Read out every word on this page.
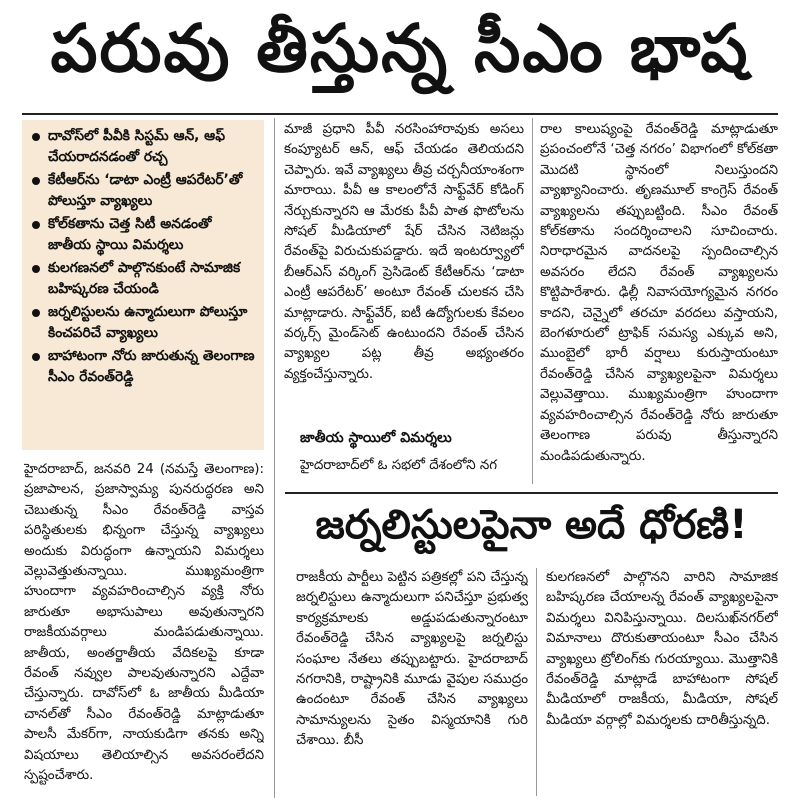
పరువు తీస్తున్న సీఎం భాష
దావోస్‌లో పీవీకి సిస్టమ్ ఆన్, ఆఫ్ చేయరాదనడంతో రచ్చ
కేటీఆర్‌ను ‘డాటా ఎంట్రీ ఆపరేటర్’తో పోలుస్తూ వ్యాఖ్యలు
కోల్‌కతాను చెత్త సిటీ అనడంతో జాతీయ స్థాయి విమర్శలు
కులగణనలో పాల్గొనకుంటే సామాజిక బహిష్కరణ చేయండి
జర్నలిస్టులను ఉన్మాదులుగా పోలుస్తూ కించపరిచే వ్యాఖ్యలు
బాహాటంగా నోరు జారుతున్న తెలంగాణ సీఎం రేవంత్‌రెడ్డి

హైదరాబాద్, జనవరి 24 (నమస్తే తెలంగాణ): ప్రజాపాలన, ప్రజాస్వామ్య పునరుద్ధరణ అని చెబుతున్న సీఎం రేవంత్‌రెడ్డి వాస్తవ పరిస్థితులకు భిన్నంగా చేస్తున్న వ్యాఖ్యలు అందుకు విరుద్ధంగా ఉన్నాయని విమర్శలు వెల్లువెత్తుతున్నాయి. ముఖ్యమంత్రిగా హుందాగా వ్యవహరించాల్సిన వ్యక్తి నోరు జారుతూ అభాసుపాలు అవుతున్నారని రాజకీయవర్గాలు మండిపడుతున్నాయి. జాతీయ, అంతర్జాతీయ వేదికలపై కూడా రేవంత్ నవ్వుల పాలవుతున్నారని ఎద్దేవా చేస్తున్నారు. దావోస్‌లో ఓ జాతీయ మీడియా చానల్‌తో సీఎం రేవంత్‌రెడ్డి మాట్లాడుతూ పాలసీ మేకర్‌గా, నాయకుడిగా తనకు అన్ని విషయాలు తెలియాల్సిన అవసరంలేదని స్పష్టంచేశారు.

మాజీ ప్రధాని పీవీ నరసింహారావుకు అసలు కంప్యూటర్ ఆన్, ఆఫ్ చేయడం తెలియదని చెప్పారు. ఇవే వ్యాఖ్యలు తీవ్ర చర్చనీయాంశంగా మారాయి. పీవీ ఆ కాలంలోనే సాఫ్ట్‌వేర్ కోడింగ్ నేర్చుకున్నారని ఆ మేరకు పీవీ పాత ఫొటోలను సోషల్ మీడియాలో షేర్ చేసిన నెటిజన్లు రేవంత్‌పై విరుచుకుపడ్డారు. ఇదే ఇంటర్వ్యూలో బీఆర్‌ఎస్ వర్కింగ్ ప్రెసిడెంట్ కేటీఆర్‌ను ‘డాటా ఎంట్రీ ఆపరేటర్’ అంటూ రేవంత్ చులకన చేసి మాట్లాడారు. సాఫ్ట్‌వేర్, ఐటీ ఉద్యోగులకు కేవలం వర్కర్స్ మైండ్‌సెట్ ఉంటుందని రేవంత్ చేసిన వ్యాఖ్యల పట్ల తీవ్ర అభ్యంతరం వ్యక్తంచేస్తున్నారు.

జాతీయ స్థాయిలో విమర్శలు

హైదరాబాద్‌లో ఓ సభలో దేశంలోని నగ

రాల కాలుష్యంపై రేవంత్‌రెడ్డి మాట్లాడుతూ ప్రపంచంలోనే ‘చెత్త నగరం’ విభాగంలో కోల్‌కతా మొదటి స్థానంలో నిలుస్తుందని వ్యాఖ్యానించారు. తృణమూల్ కాంగ్రెస్ రేవంత్ వ్యాఖ్యలను తప్పుబట్టింది. సీఎం రేవంత్ కోల్‌కతాను సందర్శించాలని సూచించారు. నిరాధారమైన వాదనలపై స్పందించాల్సిన అవసరం లేదని రేవంత్ వ్యాఖ్యలను కొట్టిపారేశారు. ఢిల్లీ నివాసయోగ్యమైన నగరం కాదని, చెన్నైలో తరచూ వరదలు వస్తాయని, బెంగళూరులో ట్రాఫిక్ సమస్య ఎక్కువ అని, ముంబైలో భారీ వర్షాలు కురుస్తాయంటూ రేవంత్‌రెడ్డి చేసిన వ్యాఖ్యలపైనా విమర్శలు వెల్లువెత్తాయి. ముఖ్యమంత్రిగా హుందాగా వ్యవహరించాల్సిన రేవంత్‌రెడ్డి నోరు జారుతూ తెలంగాణ పరువు తీస్తున్నారని మండిపడుతున్నారు.

జర్నలిస్టులపైనా అదే ధోరణి!

రాజకీయ పార్టీలు పెట్టిన పత్రికల్లో పని చేస్తున్న జర్నలిస్టులు ఉన్మాదులుగా పనిచేస్తూ ప్రభుత్వ కార్యక్రమాలకు అడ్డుపడుతున్నారంటూ రేవంత్‌రెడ్డి చేసిన వ్యాఖ్యలపై జర్నలిస్టు సంఘాల నేతలు తప్పుబట్టారు. హైదరాబాద్ నగరానికి, రాష్ట్రానికి మూడు వైపుల సముద్రం ఉందంటూ రేవంత్ చేసిన వ్యాఖ్యలు సామాన్యులను సైతం విస్మయానికి గురి చేశాయి. బీసీ

కులగణనలో పాల్గొనని వారిని సామాజిక బహిష్కరణ చేయాలన్న రేవంత్ వ్యాఖ్యలపైనా విమర్శలు వినిపిస్తున్నాయి. దిలసుఖ్‌నగర్‌లో విమానాలు దొరుకుతాయంటూ సీఎం చేసిన వ్యాఖ్యలు ట్రోలింగ్‌కు గురయ్యాయి. మొత్తానికి రేవంత్‌రెడ్డి మాట్లాడే బాహాటంగా సోషల్ మీడియాలో రాజకీయ, మీడియా, సోషల్ మీడియా వర్గాల్లో విమర్శలకు దారితీస్తున్నది.
